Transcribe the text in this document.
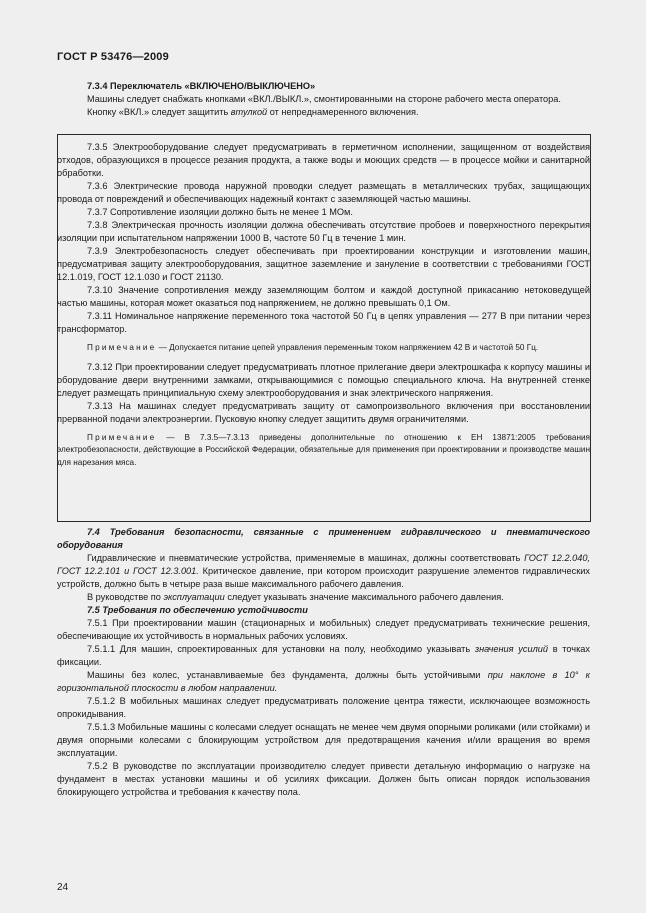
ГОСТ Р 53476—2009

7.3.4 Переключатель «ВКЛЮЧЕНО/ВЫКЛЮЧЕНО»

Машины следует снабжать кнопками «ВКЛ./ВЫКЛ.», смонтированными на стороне рабочего места оператора.

Кнопку «ВКЛ.» следует защитить втулкой от непреднамеренного включения.

7.3.5 Электрооборудование следует предусматривать в герметичном исполнении, защищенном от воздействия отходов, образующихся в процессе резания продукта, а также воды и моющих средств — в процессе мойки и санитарной обработки.

7.3.6 Электрические провода наружной проводки следует размещать в металлических трубах, защищающих провода от повреждений и обеспечивающих надежный контакт с заземляющей частью машины.

7.3.7 Сопротивление изоляции должно быть не менее 1 МОм.

7.3.8 Электрическая прочность изоляции должна обеспечивать отсутствие пробоев и поверхностного перекрытия изоляции при испытательном напряжении 1000 В, частоте 50 Гц в течение 1 мин.

7.3.9 Электробезопасность следует обеспечивать при проектировании конструкции и изготовлении машин, предусматривая защиту электрооборудования, защитное заземление и зануление в соответствии с требованиями ГОСТ 12.1.019, ГОСТ 12.1.030 и ГОСТ 21130.

7.3.10 Значение сопротивления между заземляющим болтом и каждой доступной прикасанию нетоковедущей частью машины, которая может оказаться под напряжением, не должно превышать 0,1 Ом.

7.3.11 Номинальное напряжение переменного тока частотой 50 Гц в цепях управления — 277 В при питании через трансформатор.

Примечание — Допускается питание цепей управления переменным током напряжением 42 В и частотой 50 Гц.

7.3.12 При проектировании следует предусматривать плотное прилегание двери электрошкафа к корпусу машины и оборудование двери внутренними замками, открывающимися с помощью специального ключа. На внутренней стенке следует размещать принципиальную схему электрооборудования и знак электрического напряжения.

7.3.13 На машинах следует предусматривать защиту от самопроизвольного включения при восстановлении прерванной подачи электроэнергии. Пусковую кнопку следует защитить двумя ограничителями.

Примечание — В 7.3.5—7.3.13 приведены дополнительные по отношению к ЕН 13871:2005 требования электробезопасности, действующие в Российской Федерации, обязательные для применения при проектировании и производстве машин для нарезания мяса.

7.4 Требования безопасности, связанные с применением гидравлического и пневматического оборудования

Гидравлические и пневматические устройства, применяемые в машинах, должны соответствовать ГОСТ 12.2.040, ГОСТ 12.2.101 и ГОСТ 12.3.001. Критическое давление, при котором происходит разрушение элементов гидравлических устройств, должно быть в четыре раза выше максимального рабочего давления.

В руководстве по эксплуатации следует указывать значение максимального рабочего давления.

7.5 Требования по обеспечению устойчивости

7.5.1 При проектировании машин (стационарных и мобильных) следует предусматривать технические решения, обеспечивающие их устойчивость в нормальных рабочих условиях.

7.5.1.1 Для машин, спроектированных для установки на полу, необходимо указывать значения усилий в точках фиксации.

Машины без колес, устанавливаемые без фундамента, должны быть устойчивыми при наклоне в 10° к горизонтальной плоскости в любом направлении.

7.5.1.2 В мобильных машинах следует предусматривать положение центра тяжести, исключающее возможность опрокидывания.

7.5.1.3 Мобильные машины с колесами следует оснащать не менее чем двумя опорными роликами (или стойками) и двумя опорными колесами с блокирующим устройством для предотвращения качения и/или вращения во время эксплуатации.

7.5.2 В руководстве по эксплуатации производителю следует привести детальную информацию о нагрузке на фундамент в местах установки машины и об усилиях фиксации. Должен быть описан порядок использования блокирующего устройства и требования к качеству пола.

24
